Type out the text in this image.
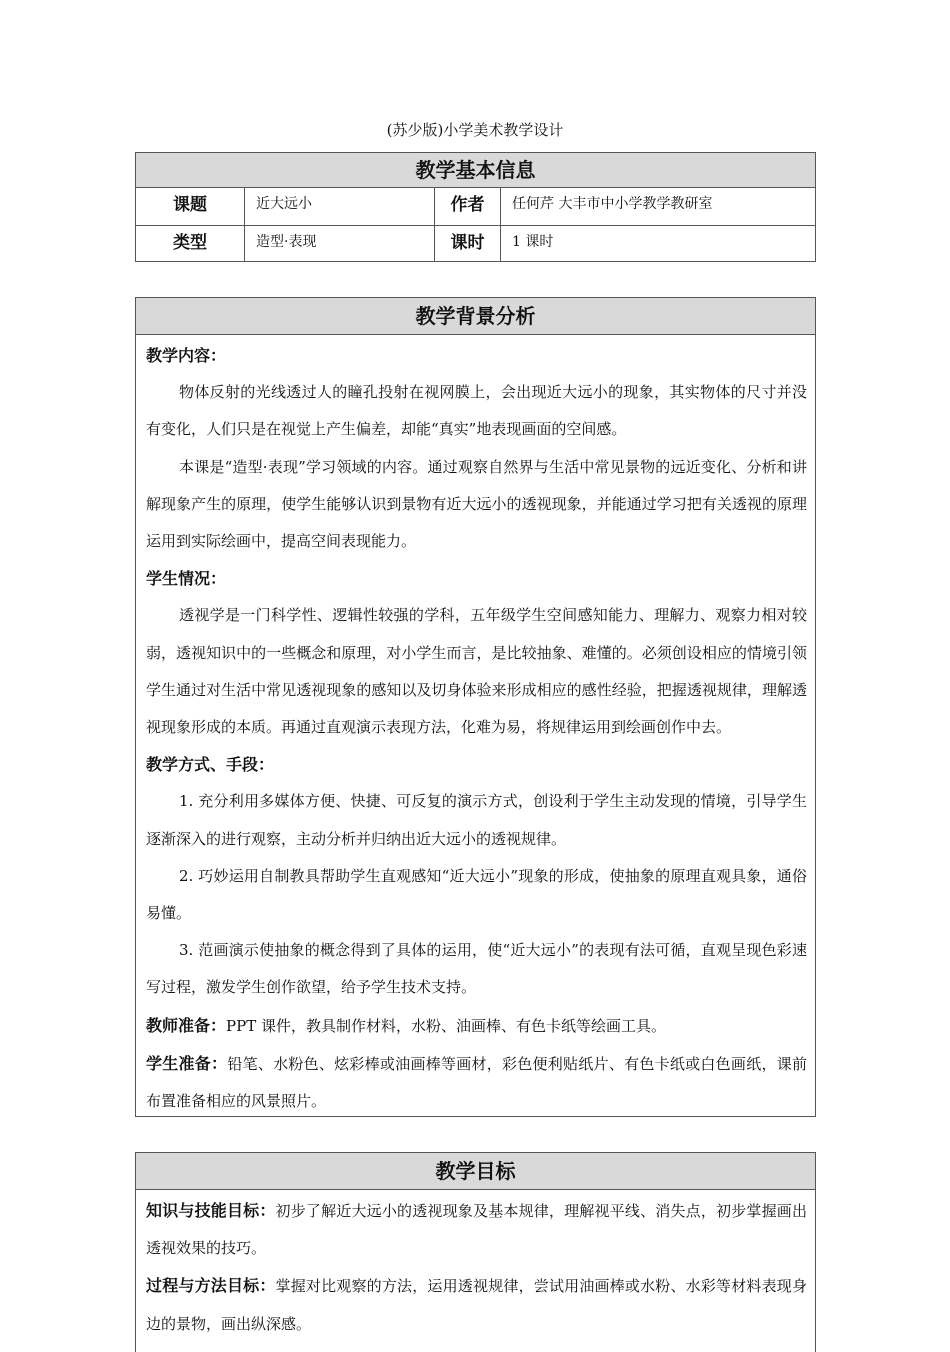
(苏少版)小学美术教学设计
教学基本信息
课题	近大远小	作者	任何芹 大丰市中小学教学教研室
类型	造型·表现	课时	1 课时
教学背景分析

教学内容：

物体反射的光线透过人的瞳孔投射在视网膜上，会出现近大远小的现象，其实物体的尺寸并没有变化，人们只是在视觉上产生偏差，却能“真实”地表现画面的空间感。

本课是“造型·表现”学习领域的内容。通过观察自然界与生活中常见景物的远近变化、分析和讲解现象产生的原理，使学生能够认识到景物有近大远小的透视现象，并能通过学习把有关透视的原理运用到实际绘画中，提高空间表现能力。

学生情况：

透视学是一门科学性、逻辑性较强的学科，五年级学生空间感知能力、理解力、观察力相对较弱，透视知识中的一些概念和原理，对小学生而言，是比较抽象、难懂的。必须创设相应的情境引领学生通过对生活中常见透视现象的感知以及切身体验来形成相应的感性经验，把握透视规律，理解透视现象形成的本质。再通过直观演示表现方法，化难为易，将规律运用到绘画创作中去。

教学方式、手段：

1. 充分利用多媒体方便、快捷、可反复的演示方式，创设利于学生主动发现的情境，引导学生逐渐深入的进行观察，主动分析并归纳出近大远小的透视规律。

2. 巧妙运用自制教具帮助学生直观感知“近大远小”现象的形成，使抽象的原理直观具象，通俗易懂。

3. 范画演示使抽象的概念得到了具体的运用，使“近大远小”的表现有法可循，直观呈现色彩速写过程，激发学生创作欲望，给予学生技术支持。

教师准备：PPT 课件，教具制作材料，水粉、油画棒、有色卡纸等绘画工具。

学生准备：铅笔、水粉色、炫彩棒或油画棒等画材，彩色便利贴纸片、有色卡纸或白色画纸，课前布置准备相应的风景照片。

教学目标

知识与技能目标：初步了解近大远小的透视现象及基本规律，理解视平线、消失点，初步掌握画出透视效果的技巧。

过程与方法目标：掌握对比观察的方法，运用透视规律，尝试用油画棒或水粉、水彩等材料表现身边的景物，画出纵深感。
